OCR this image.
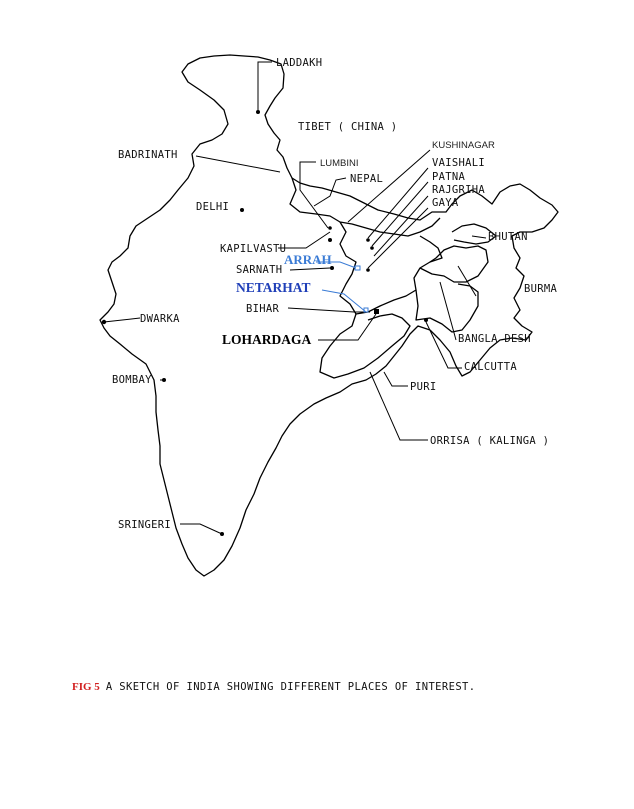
LADDAKH
TIBET ( CHINA )
KUSHINAGAR
BADRINATH
LUMBINI	VAISHALI
NEPAL	PATNA
RAJGRIHA
GAYA
DELHI
KAPILVASTU
BHUTAN
ARRAH
SARNATH
BURMA
NETARHAT
BIHAR
DWARKA
BANGLA DESH
LOHARDAGA
CALCUTTA
BOMBAY
PURI
ORRISA ( KALINGA )
SRINGERI
FIG 5 A SKETCH OF INDIA SHOWING DIFFERENT PLACES OF INTEREST.
